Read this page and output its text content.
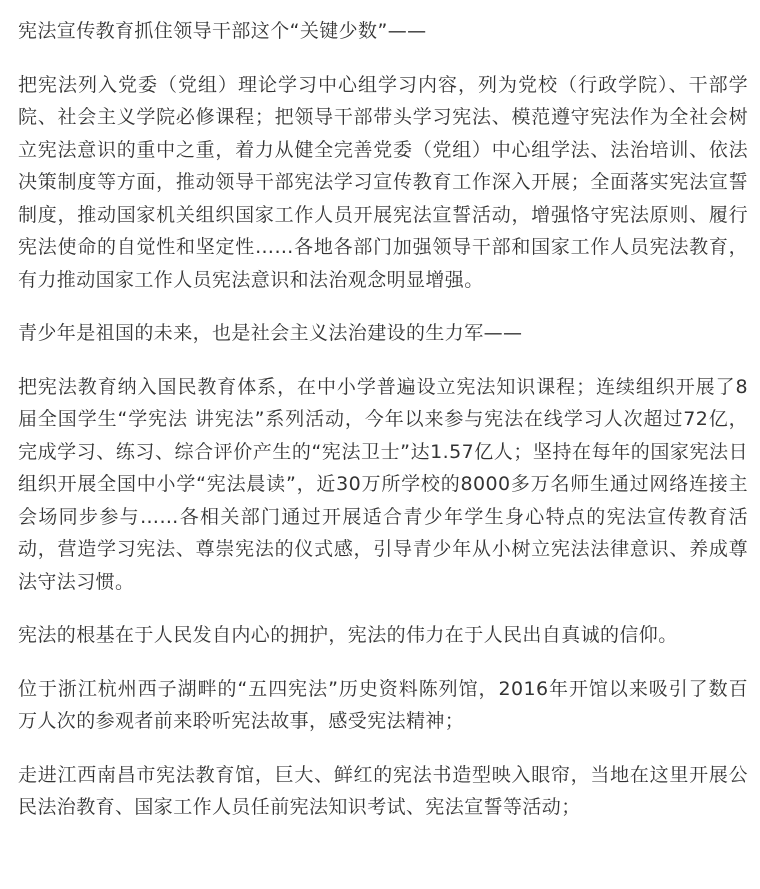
宪法宣传教育抓住领导干部这个“关键少数”——

把宪法列入党委（党组）理论学习中心组学习内容，列为党校（行政学院）、干部学院、社会主义学院必修课程；把领导干部带头学习宪法、模范遵守宪法作为全社会树立宪法意识的重中之重，着力从健全完善党委（党组）中心组学法、法治培训、依法决策制度等方面，推动领导干部宪法学习宣传教育工作深入开展；全面落实宪法宣誓制度，推动国家机关组织国家工作人员开展宪法宣誓活动，增强恪守宪法原则、履行宪法使命的自觉性和坚定性……各地各部门加强领导干部和国家工作人员宪法教育，有力推动国家工作人员宪法意识和法治观念明显增强。

青少年是祖国的未来，也是社会主义法治建设的生力军——

把宪法教育纳入国民教育体系，在中小学普遍设立宪法知识课程；连续组织开展了8届全国学生“学宪法 讲宪法”系列活动，今年以来参与宪法在线学习人次超过72亿，完成学习、练习、综合评价产生的“宪法卫士”达1.57亿人；坚持在每年的国家宪法日组织开展全国中小学“宪法晨读”，近30万所学校的8000多万名师生通过网络连接主会场同步参与……各相关部门通过开展适合青少年学生身心特点的宪法宣传教育活动，营造学习宪法、尊崇宪法的仪式感，引导青少年从小树立宪法法律意识、养成尊法守法习惯。

宪法的根基在于人民发自内心的拥护，宪法的伟力在于人民出自真诚的信仰。

位于浙江杭州西子湖畔的“五四宪法”历史资料陈列馆，2016年开馆以来吸引了数百万人次的参观者前来聆听宪法故事，感受宪法精神；

走进江西南昌市宪法教育馆，巨大、鲜红的宪法书造型映入眼帘，当地在这里开展公民法治教育、国家工作人员任前宪法知识考试、宪法宣誓等活动；
